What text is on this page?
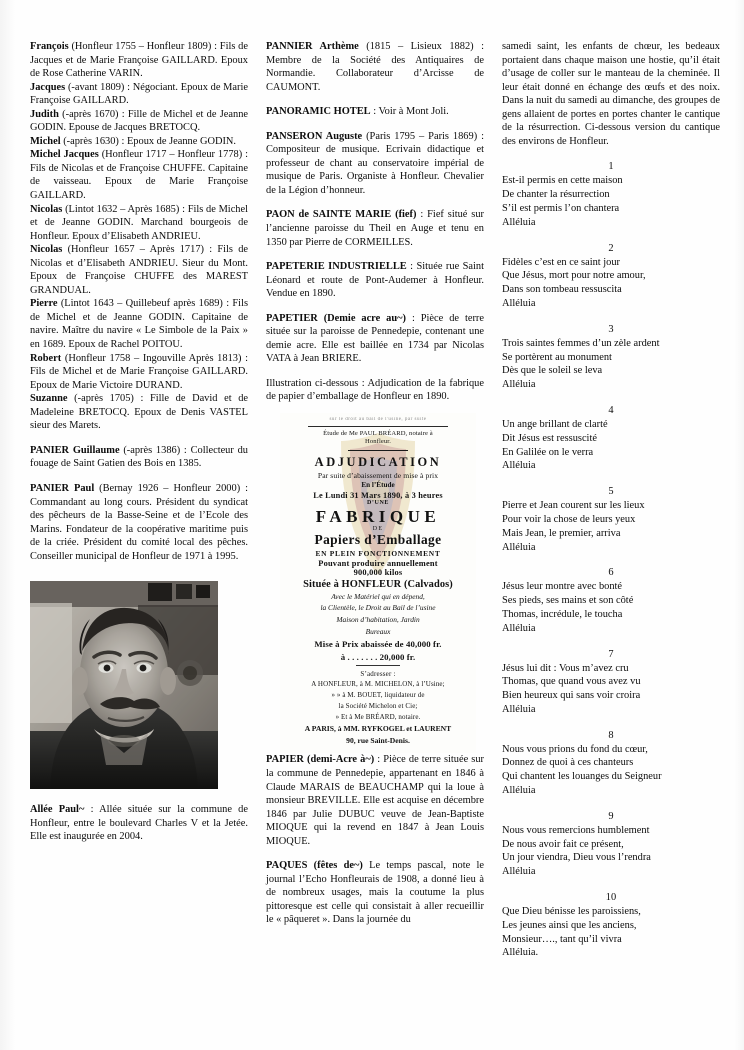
François (Honfleur 1755 – Honfleur 1809) : Fils de Jacques et de Marie Françoise GAILLARD. Epoux de Rose Catherine VARIN.

Jacques (-avant 1809) : Négociant. Epoux de Marie Françoise GAILLARD.

Judith (-après 1670) : Fille de Michel et de Jeanne GODIN. Epouse de Jacques BRETOCQ.

Michel (-après 1630) : Epoux de Jeanne GODIN.

Michel Jacques (Honfleur 1717 – Honfleur 1778) : Fils de Nicolas et de Françoise CHUFFE. Capitaine de vaisseau. Epoux de Marie Françoise GAILLARD.

Nicolas (Lintot 1632 – Après 1685) : Fils de Michel et de Jeanne GODIN. Marchand bourgeois de Honfleur. Epoux d’Elisabeth ANDRIEU.

Nicolas (Honfleur 1657 – Après 1717) : Fils de Nicolas et d’Elisabeth ANDRIEU. Sieur du Mont. Epoux de Françoise CHUFFE des MAREST GRANDUAL.

Pierre (Lintot 1643 – Quillebeuf après 1689) : Fils de Michel et de Jeanne GODIN. Capitaine de navire. Maître du navire « Le Simbole de la Paix » en 1689. Epoux de Rachel POITOU.

Robert (Honfleur 1758 – Ingouville Après 1813) : Fils de Michel et de Marie Françoise GAILLARD. Epoux de Marie Victoire DURAND.

Suzanne (-après 1705) : Fille de David et de Madeleine BRETOCQ. Epoux de Denis VASTEL sieur des Marets.

PANIER Guillaume (-après 1386) : Collecteur du fouage de Saint Gatien des Bois en 1385.

PANIER Paul (Bernay 1926 – Honfleur 2000) : Commandant au long cours. Président du syndicat des pêcheurs de la Basse-Seine et de l’Ecole des Marins. Fondateur de la coopérative maritime puis de la criée. Président du comité local des pêches. Conseiller municipal de Honfleur de 1971 à 1995.

Allée Paul~ : Allée située sur la commune de Honfleur, entre le boulevard Charles V et la Jetée. Elle est inaugurée en 2004.

PANNIER Arthème (1815 – Lisieux 1882) : Membre de la Société des Antiquaires de Normandie. Collaborateur d’Arcisse de CAUMONT.

PANORAMIC HOTEL : Voir à Mont Joli.

PANSERON Auguste (Paris 1795 – Paris 1869) : Compositeur de musique. Ecrivain didactique et professeur de chant au conservatoire impérial de musique de Paris. Organiste à Honfleur. Chevalier de la Légion d’honneur.

PAON de SAINTE MARIE (fief) : Fief situé sur l’ancienne paroisse du Theil en Auge et tenu en 1350 par Pierre de CORMEILLES.

PAPETERIE INDUSTRIELLE : Située rue Saint Léonard et route de Pont-Audemer à Honfleur. Vendue en 1890.

PAPETIER (Demie acre au~) : Pièce de terre située sur la paroisse de Pennedepie, contenant une demie acre. Elle est baillée en 1734 par Nicolas VATA à Jean BRIERE.

Illustration ci-dessous : Adjudication de la fabrique de papier d’emballage de Honfleur en 1890.

sur le droit au bail de l'usine, par suite
Étude de Me PAUL BRÉARD, notaire à
Honfleur.
ADJUDICATION
Par suite d’abaissement de mise à prix
En l’Étude
Le Lundi 31 Mars 1890, à 3 heures
D’UNE
FABRIQUE
DE
Papiers d’Emballage
EN PLEIN FONCTIONNEMENT
Pouvant produire annuellement
900,000 kilos
Située à HONFLEUR (Calvados)
Avec le Matériel qui en dépend,
la Clientèle, le Droit au Bail de l’usine
Maison d’habitation, Jardin
Bureaux
Mise à Prix abaissée de 40,000 fr.
à . . . . . . . 20,000 fr.
S’adresser :
A HONFLEUR, à M. MICHELON, à l’Usine;
» » à M. BOUET, liquidateur de
la Société Michelon et Cie;
» Et à Me BRÉARD, notaire.
A PARIS, à MM. RYFKOGEL et LAURENT
90, rue Saint-Denis.

PAPIER (demi-Acre à~) : Pièce de terre située sur la commune de Pennedepie, appartenant en 1846 à Claude MARAIS de BEAUCHAMP qui la loue à monsieur BREVILLE. Elle est acquise en décembre 1846 par Julie DUBUC veuve de Jean-Baptiste MIOQUE qui la revend en 1847 à Jean Louis MIOQUE.

PAQUES (fêtes de~) Le temps pascal, note le journal l’Echo Honfleurais de 1908, a donné lieu à de nombreux usages, mais la coutume la plus pittoresque est celle qui consistait à aller recueillir le « pâqueret ». Dans la journée du

samedi saint, les enfants de chœur, les bedeaux portaient dans chaque maison une hostie, qu’il était d’usage de coller sur le manteau de la cheminée. Il leur était donné en échange des œufs et des noix. Dans la nuit du samedi au dimanche, des groupes de gens allaient de portes en portes chanter le cantique de la résurrection. Ci-dessous version du cantique des environs de Honfleur.

1
Est-il permis en cette maison
De chanter la résurrection
S’il est permis l’on chantera
Alléluia
2
Fidèles c’est en ce saint jour
Que Jésus, mort pour notre amour,
Dans son tombeau ressuscita
Alléluia
3
Trois saintes femmes d’un zèle ardent
Se portèrent au monument
Dès que le soleil se leva
Alléluia
4
Un ange brillant de clarté
Dit Jésus est ressuscité
En Galilée on le verra
Alléluia
5
Pierre et Jean courent sur les lieux
Pour voir la chose de leurs yeux
Mais Jean, le premier, arriva
Alléluia
6
Jésus leur montre avec bonté
Ses pieds, ses mains et son côté
Thomas, incrédule, le toucha
Alléluia
7
Jésus lui dit : Vous m’avez cru
Thomas, que quand vous avez vu
Bien heureux qui sans voir croira
Alléluia
8
Nous vous prions du fond du cœur,
Donnez de quoi à ces chanteurs
Qui chantent les louanges du Seigneur
Alléluia
9
Nous vous remercions humblement
De nous avoir fait ce présent,
Un jour viendra, Dieu vous l’rendra
Alléluia
10
Que Dieu bénisse les paroissiens,
Les jeunes ainsi que les anciens,
Monsieur…., tant qu’il vivra
Alléluia.
